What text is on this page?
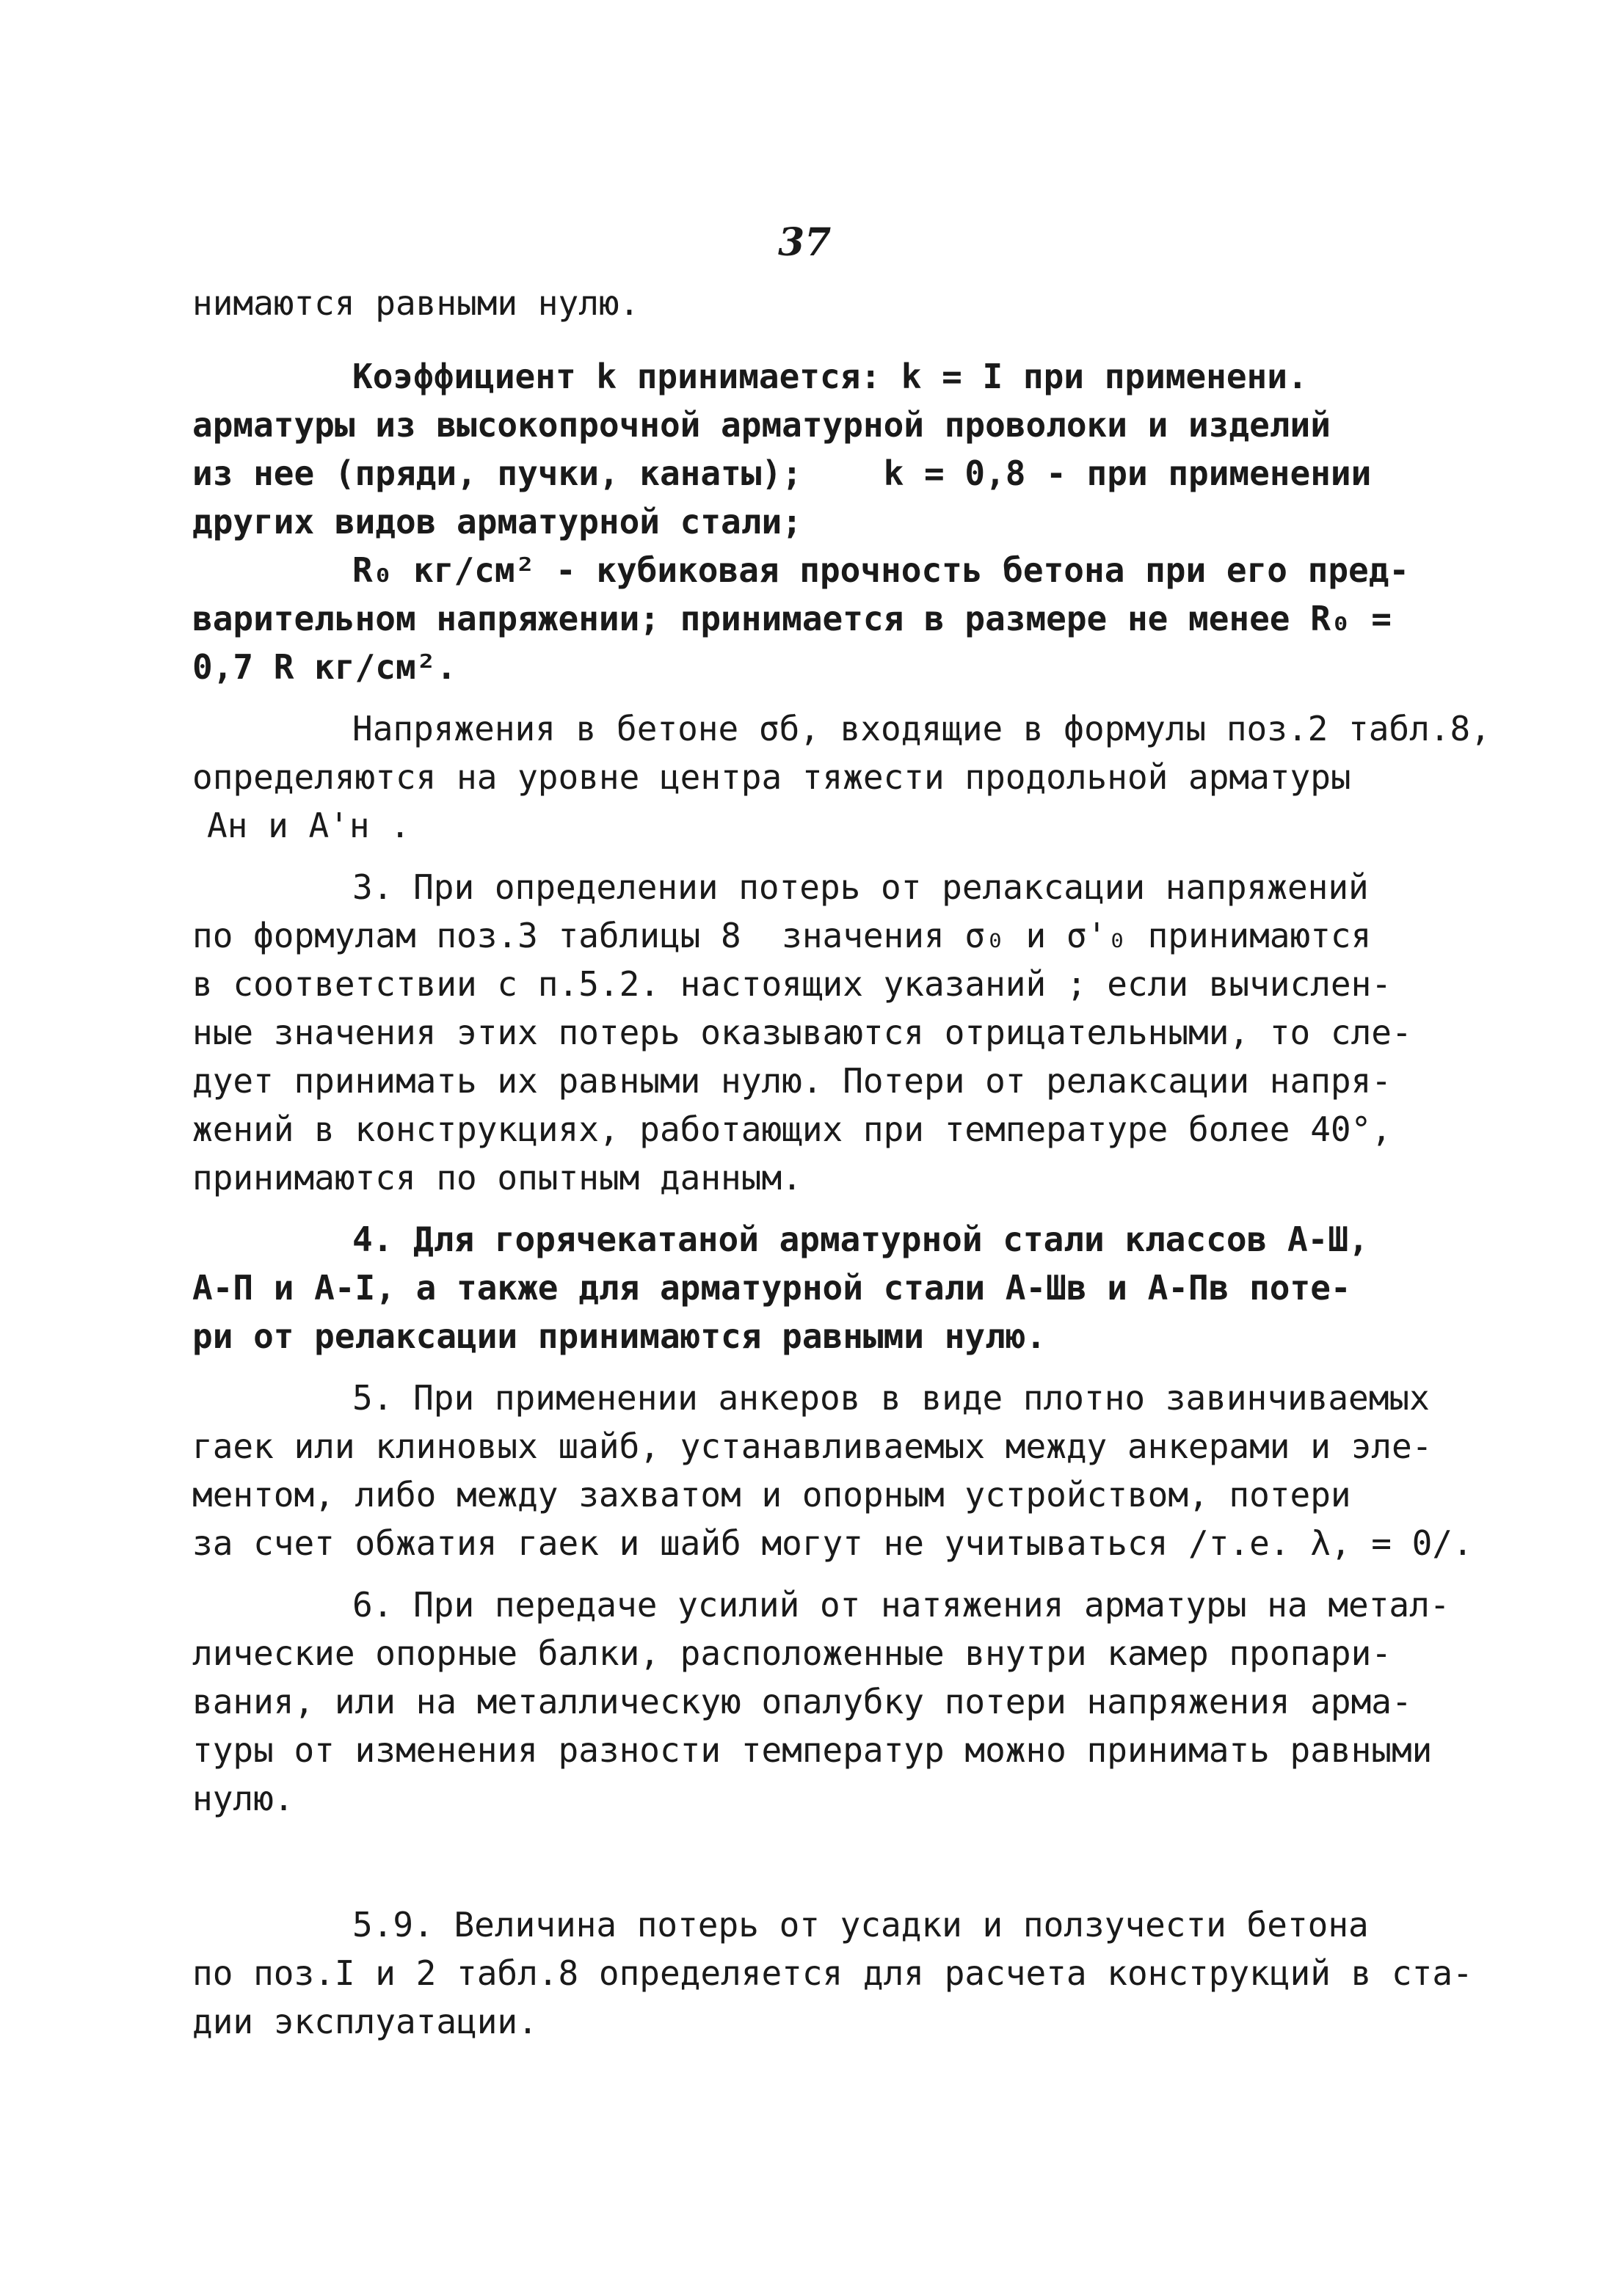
37
нимаются равными нулю.
Коэффициент k принимается: k = I при применени.
арматуры из высокопрочной арматурной проволоки и изделий
из нее (пряди, пучки, канаты);    k = 0,8 - при применении
других видов арматурной стали;
R₀ кг/см² - кубиковая прочность бетона при его пред-
варительном напряжении; принимается в размере не менее R₀ =
0,7 R кг/см².
Напряжения в бетоне σб, входящие в формулы поз.2 табл.8,
определяются на уровне центра тяжести продольной арматуры
Aн и A'н .
3. При определении потерь от релаксации напряжений
по формулам поз.3 таблицы 8  значения σ₀ и σ'₀ принимаются
в соответствии с п.5.2. настоящих указаний ; если вычислен-
ные значения этих потерь оказываются отрицательными, то сле-
дует принимать их равными нулю. Потери от релаксации напря-
жений в конструкциях, работающих при температуре более 40°,
принимаются по опытным данным.
4. Для горячекатаной арматурной стали классов А-Ш,
А-П и А-I, а также для арматурной стали А-Шв и А-Пв поте-
ри от релаксации принимаются равными нулю.
5. При применении анкеров в виде плотно завинчиваемых
гаек или клиновых шайб, устанавливаемых между анкерами и эле-
ментом, либо между захватом и опорным устройством, потери
за счет обжатия гаек и шайб могут не учитываться /т.е. λ, = 0/.
6. При передаче усилий от натяжения арматуры на метал-
лические опорные балки, расположенные внутри камер пропари-
вания, или на металлическую опалубку потери напряжения арма-
туры от изменения разности температур можно принимать равными
нулю.
5.9. Величина потерь от усадки и ползучести бетона
по поз.I и 2 табл.8 определяется для расчета конструкций в ста-
дии эксплуатации.
